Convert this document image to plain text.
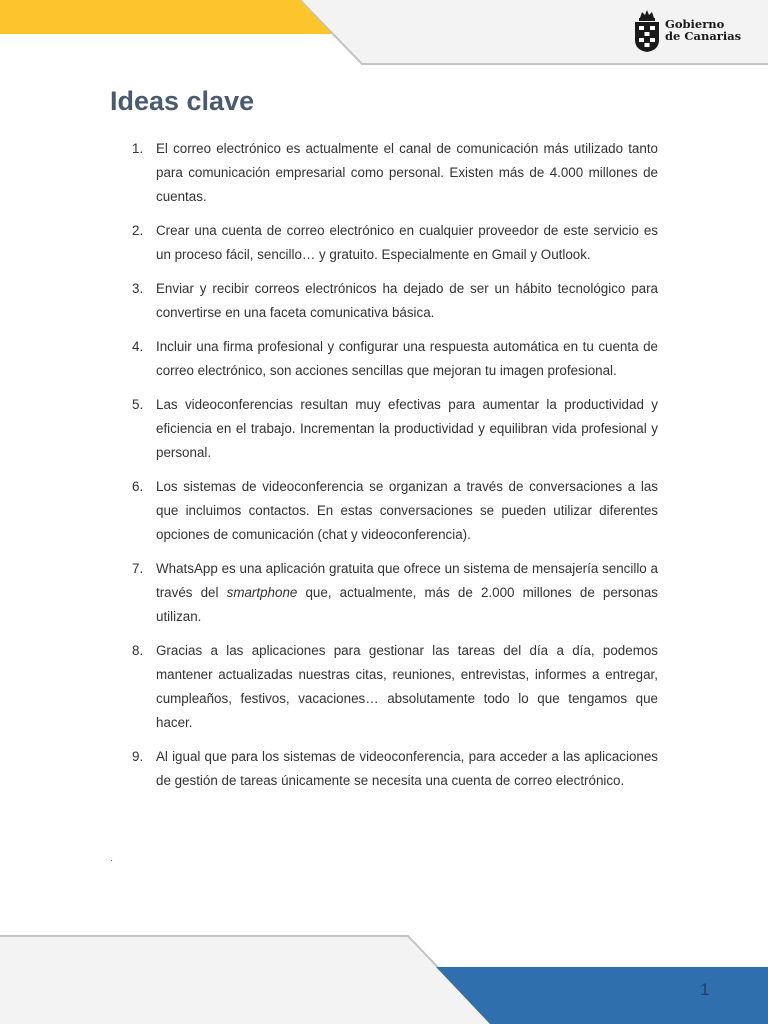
Gobierno
de Canarias
Ideas clave
1. El correo electrónico es actualmente el canal de comunicación más utilizado tanto para comunicación empresarial como personal. Existen más de 4.000 millones de cuentas.
2. Crear una cuenta de correo electrónico en cualquier proveedor de este servicio es un proceso fácil, sencillo… y gratuito. Especialmente en Gmail y Outlook.
3. Enviar y recibir correos electrónicos ha dejado de ser un hábito tecnológico para convertirse en una faceta comunicativa básica.
4. Incluir una firma profesional y configurar una respuesta automática en tu cuenta de correo electrónico, son acciones sencillas que mejoran tu imagen profesional.
5. Las videoconferencias resultan muy efectivas para aumentar la productividad y eficiencia en el trabajo. Incrementan la productividad y equilibran vida profesional y personal.
6. Los sistemas de videoconferencia se organizan a través de conversaciones a las que incluimos contactos. En estas conversaciones se pueden utilizar diferentes opciones de comunicación (chat y videoconferencia).
7. WhatsApp es una aplicación gratuita que ofrece un sistema de mensajería sencillo a través del smartphone que, actualmente, más de 2.000 millones de personas utilizan.
8. Gracias a las aplicaciones para gestionar las tareas del día a día, podemos mantener actualizadas nuestras citas, reuniones, entrevistas, informes a entregar, cumpleaños, festivos, vacaciones… absolutamente todo lo que tengamos que hacer.
9. Al igual que para los sistemas de videoconferencia, para acceder a las aplicaciones de gestión de tareas únicamente se necesita una cuenta de correo electrónico.
.
1
